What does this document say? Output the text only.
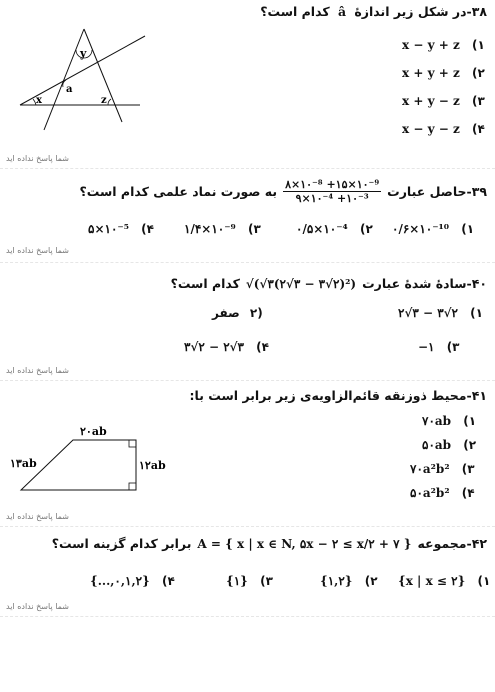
۳۸-در شکل زیر اندازهٔ â کدام است؟
y
a
x	z
x − y + z (۱
x + y + z (۲
x + y − z (۳
x − y − z (۴
شما پاسخ نداده اید
۳۹-حاصل عبارت
$\frac{\text{۸×۱۰⁻⁸ +۱۵×۱۰⁻⁹}}{\text{۹×۱۰⁻⁴ +۱۰⁻³}}$
به صورت نماد علمی کدام است؟
۰/۶×۱۰⁻¹⁰ (۱
۰/۵×۱۰⁻⁴ (۲
۱/۴×۱۰⁻⁹ (۳
۵×۱۰⁻⁵ (۴
شما پاسخ نداده اید
۴۰-سادهٔ شدهٔ عبارت
√(√۳(۲√۳ − ۳√۲)²)
کدام است؟
۲√۳ − ۳√۲ (۱
(۲ صفر
−۱ (۳
۳√۲ − ۲√۳ (۴
شما پاسخ نداده اید
۴۱-محیط ذوزنقه قائم‌الزاویه‌ی زیر برابر است با:
۲۰ab
۱۳ab	۱۲ab
۷۰ab (۱
۵۰ab (۲
۷۰a²b² (۳
۵۰a²b² (۴
شما پاسخ نداده اید
۴۲-مجموعه
A = { x | x ∈ N, ۵x − ۲ ≤ x/۲ + ۷ }
برابر کدام گزینه است؟
{x | x ≤ ۲} (۱
{۱,۲} (۲
{۱} (۳
{...,۰,۱,۲} (۴
شما پاسخ نداده اید
